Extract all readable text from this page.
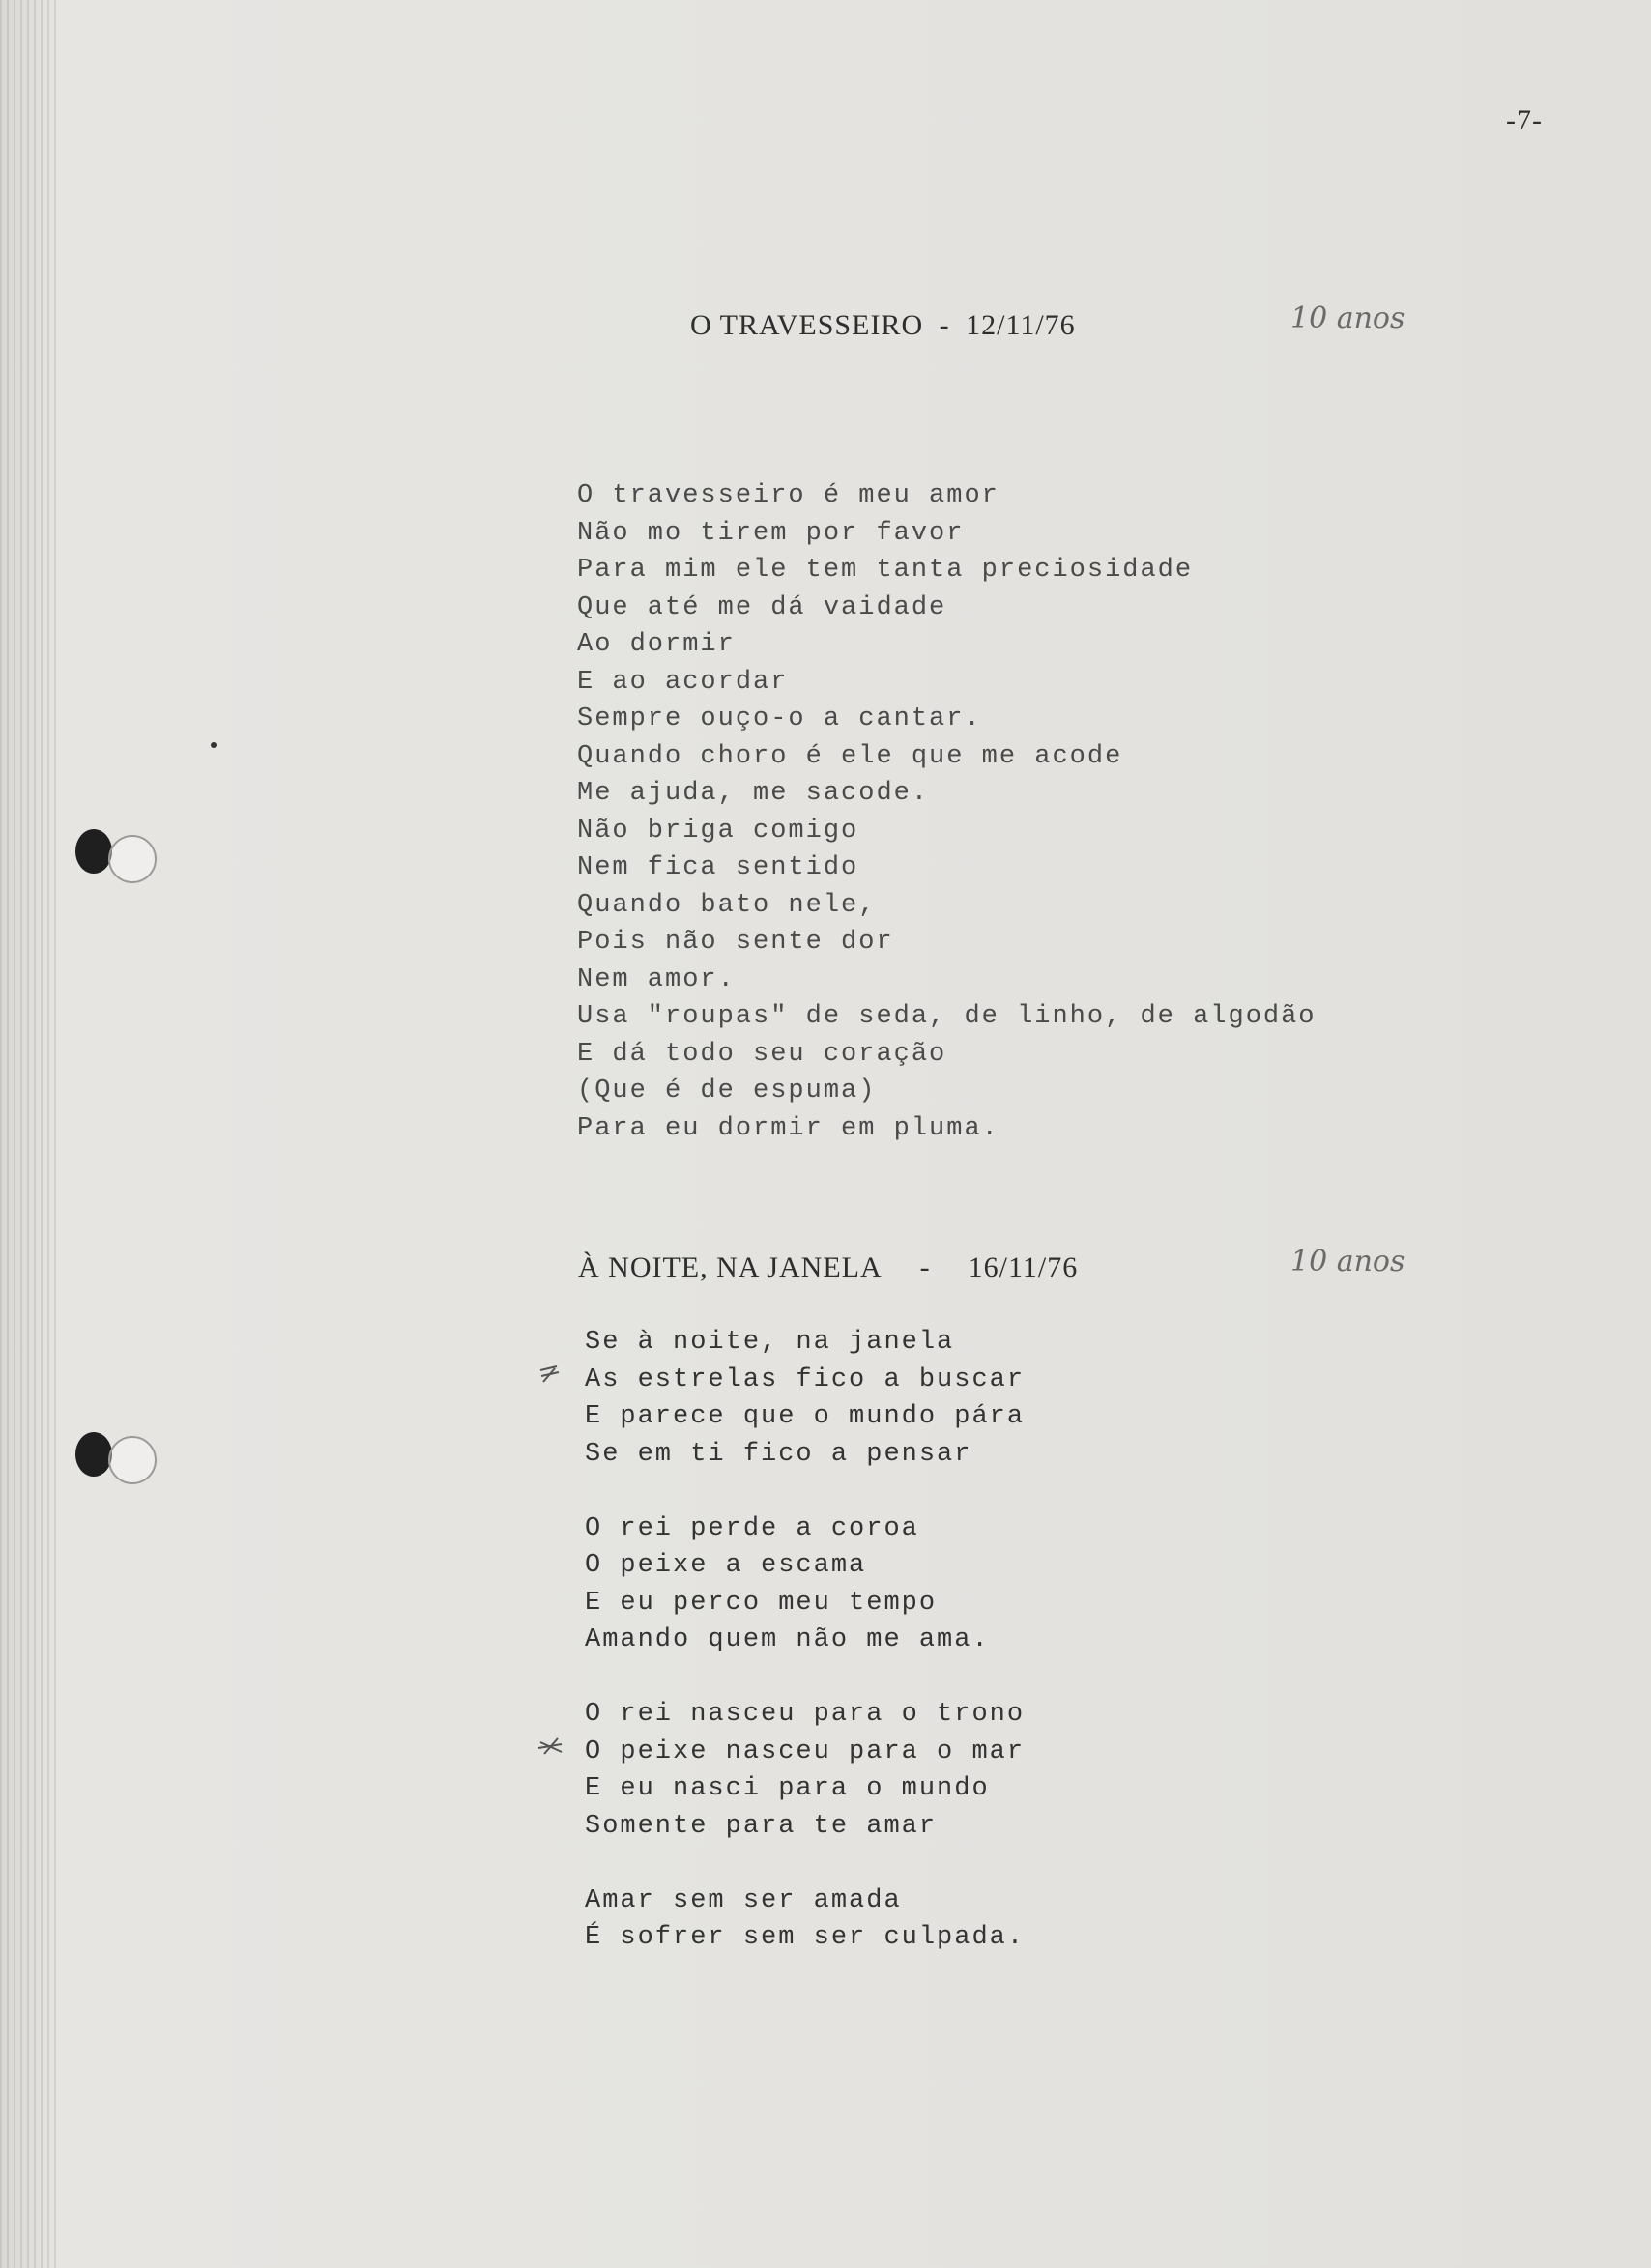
-7-
O TRAVESSEIRO - 12/11/76	10 anos
O travesseiro é meu amor
Não mo tirem por favor
Para mim ele tem tanta preciosidade
Que até me dá vaidade
Ao dormir
E ao acordar
Sempre ouço-o a cantar.
Quando choro é ele que me acode
Me ajuda, me sacode.
Não briga comigo
Nem fica sentido
Quando bato nele,
Pois não sente dor
Nem amor.
Usa "roupas" de seda, de linho, de algodão
E dá todo seu coração
(Que é de espuma)
Para eu dormir em pluma.
À NOITE, NA JANELA - 16/11/76	10 anos
Se à noite, na janela
As estrelas fico a buscar
E parece que o mundo pára
Se em ti fico a pensar
O rei perde a coroa
O peixe a escama
E eu perco meu tempo
Amando quem não me ama.
O rei nasceu para o trono
O peixe nasceu para o mar
E eu nasci para o mundo
Somente para te amar
Amar sem ser amada
É sofrer sem ser culpada.
